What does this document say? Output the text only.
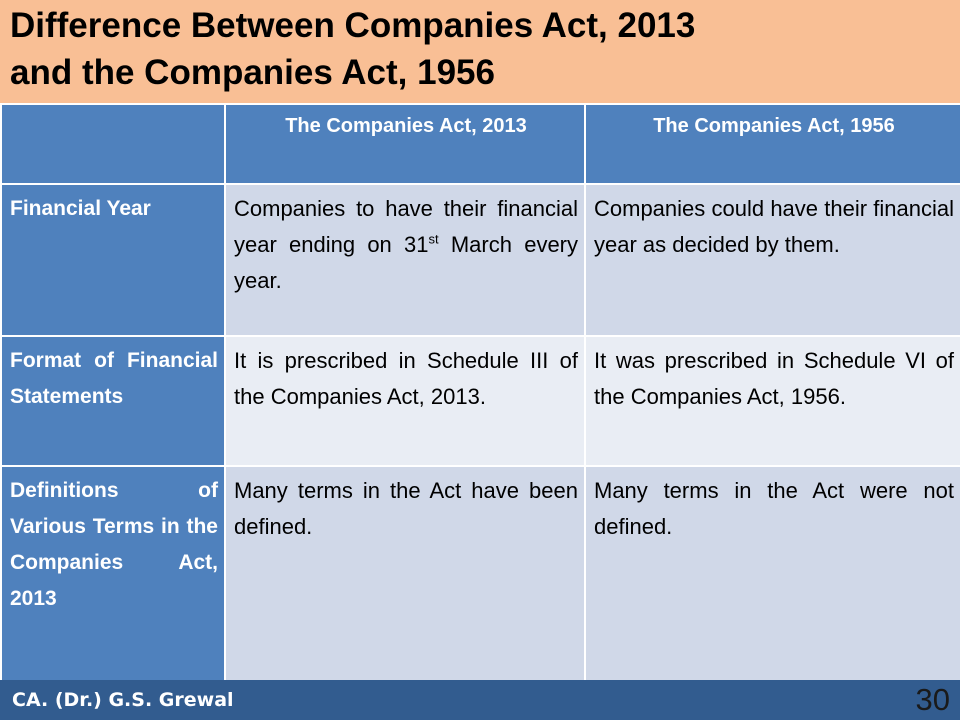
Difference Between Companies Act, 2013
and the Companies Act, 1956

	The Companies Act, 2013	The Companies Act, 1956

Financial Year	Companies to have their financial year ending on 31st March every year.	Companies could have their financial year as decided by them.
Format of Financial Statements	It is prescribed in Schedule III of the Companies Act, 2013.	It was prescribed in Schedule VI of the Companies Act, 1956.
Definitions of Various Terms in the Companies Act, 2013	Many terms in the Act have been defined.	Many terms in the Act were not defined.
CA. (Dr.) G.S. Grewal	30
